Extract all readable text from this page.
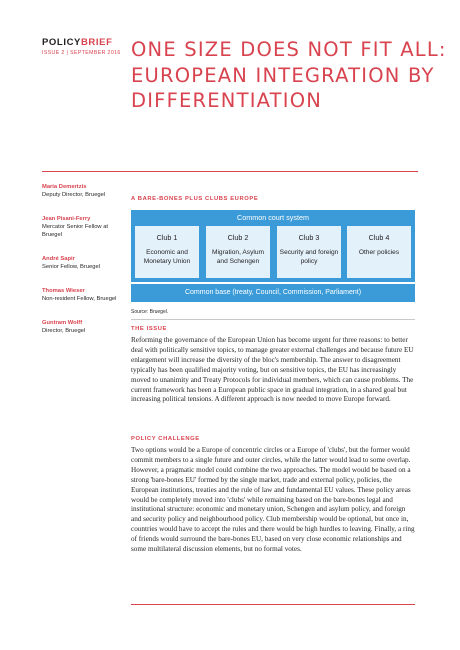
POLICYBRIEF
ISSUE 2 | SEPTEMBER 2016 ONE SIZE DOES NOT FIT ALL: EUROPEAN INTEGRATION BY DIFFERENTIATION
Maria Demertzis
Deputy Director, Bruegel
Jean Pisani-Ferry
Mercator Senior Fellow at Bruegel
André Sapir
Senior Fellow, Bruegel
Thomas Wieser
Non-resident Fellow, Bruegel
Guntram Wolff
Director, Bruegel
A BARE-BONES PLUS CLUBS EUROPE
Common court system
Club 1
Economic and Monetary Union
Club 2
Migration, Asylum and Schengen
Club 3
Security and foreign policy
Club 4
Other policies
Common base (treaty, Council, Commission, Parliament)
Source: Bruegel.
THE ISSUE

Reforming the governance of the European Union has become urgent for three reasons: to better deal with politically sensitive topics, to manage greater external challenges and because future EU enlargement will increase the diversity of the bloc's membership. The answer to disagreement typically has been qualified majority voting, but on sensitive topics, the EU has increasingly moved to unanimity and Treaty Protocols for individual members, which can cause problems. The current framework has been a European public space in gradual integration, in a shared goal but increasing political tensions. A different approach is now needed to move Europe forward.

POLICY CHALLENGE

Two options would be a Europe of concentric circles or a Europe of 'clubs', but the former would commit members to a single future and outer circles, while the latter would lead to some overlap. However, a pragmatic model could combine the two approaches. The model would be based on a strong 'bare-bones EU' formed by the single market, trade and external policy, policies, the European institutions, treaties and the rule of law and fundamental EU values. These policy areas would be completely moved into 'clubs' while remaining based on the bare-bones legal and institutional structure: economic and monetary union, Schengen and asylum policy, and foreign and security policy and neighbourhood policy. Club membership would be optional, but once in, countries would have to accept the rules and there would be high hurdles to leaving. Finally, a ring of friends would surround the bare-bones EU, based on very close economic relationships and some multilateral discussion elements, but no formal votes.
